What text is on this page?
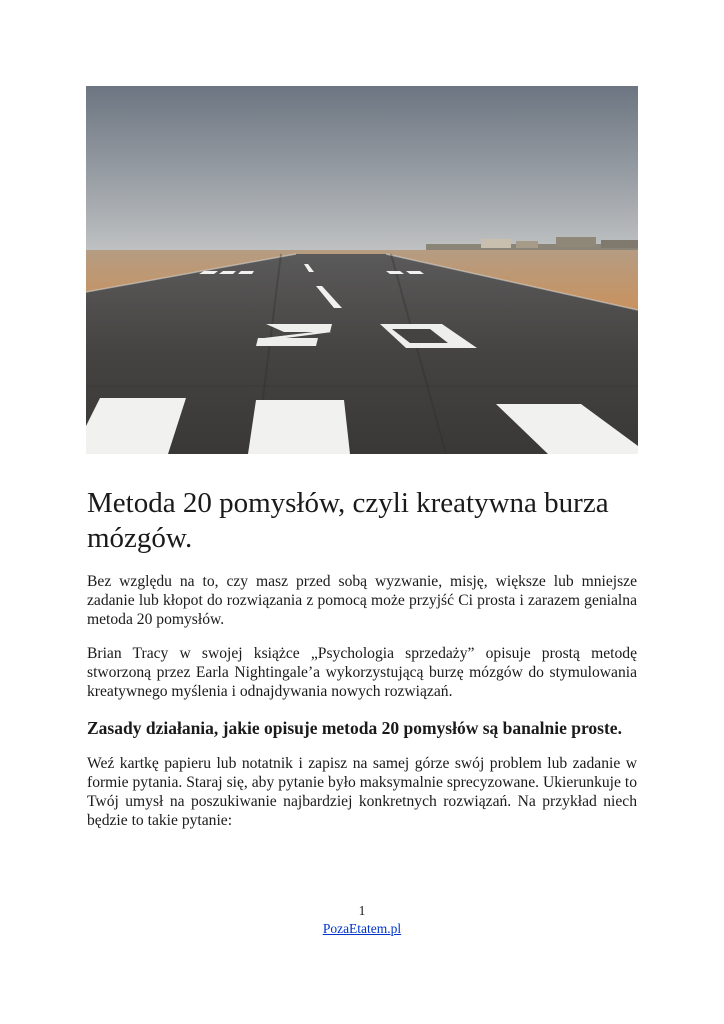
Metoda 20 pomysłów, czyli kreatywna burza mózgów.

Bez względu na to, czy masz przed sobą wyzwanie, misję, większe lub mniejsze zadanie lub kłopot do rozwiązania z pomocą może przyjść Ci prosta i zarazem genialna metoda 20 pomysłów.

Brian Tracy w swojej książce „Psychologia sprzedaży” opisuje prostą metodę stworzoną przez Earla Nightingale’a wykorzystującą burzę mózgów do stymulowania kreatywnego myślenia i odnajdywania nowych rozwiązań.

Zasady działania, jakie opisuje metoda 20 pomysłów są banalnie proste.

Weź kartkę papieru lub notatnik i zapisz na samej górze swój problem lub zadanie w formie pytania. Staraj się, aby pytanie było maksymalnie sprecyzowane. Ukierunkuje to Twój umysł na poszukiwanie najbardziej konkretnych rozwiązań. Na przykład niech będzie to takie pytanie:

1
PozaEtatem.pl
